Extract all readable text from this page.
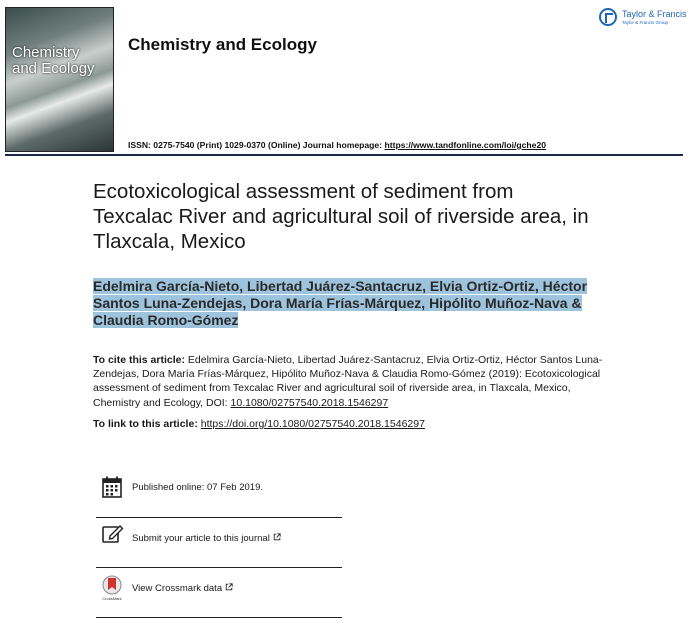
Chemistry
and Ecology
Chemistry and Ecology
Taylor & Francis
Taylor & Francis Group
ISSN: 0275-7540 (Print) 1029-0370 (Online) Journal homepage: https://www.tandfonline.com/loi/gche20
Ecotoxicological assessment of sediment from Texcalac River and agricultural soil of riverside area, in Tlaxcala, Mexico
Edelmira García-Nieto, Libertad Juárez-Santacruz, Elvia Ortiz-Ortiz, Héctor Santos Luna-Zendejas, Dora María Frías-Márquez, Hipólito Muñoz-Nava & Claudia Romo-Gómez
To cite this article: Edelmira García-Nieto, Libertad Juárez-Santacruz, Elvia Ortiz-Ortiz, Héctor Santos Luna-Zendejas, Dora María Frías-Márquez, Hipólito Muñoz-Nava & Claudia Romo-Gómez (2019): Ecotoxicological assessment of sediment from Texcalac River and agricultural soil of riverside area, in Tlaxcala, Mexico, Chemistry and Ecology, DOI: 10.1080/02757540.2018.1546297
To link to this article: https://doi.org/10.1080/02757540.2018.1546297
Published online: 07 Feb 2019.
Submit your article to this journal
CrossMark
View Crossmark data
